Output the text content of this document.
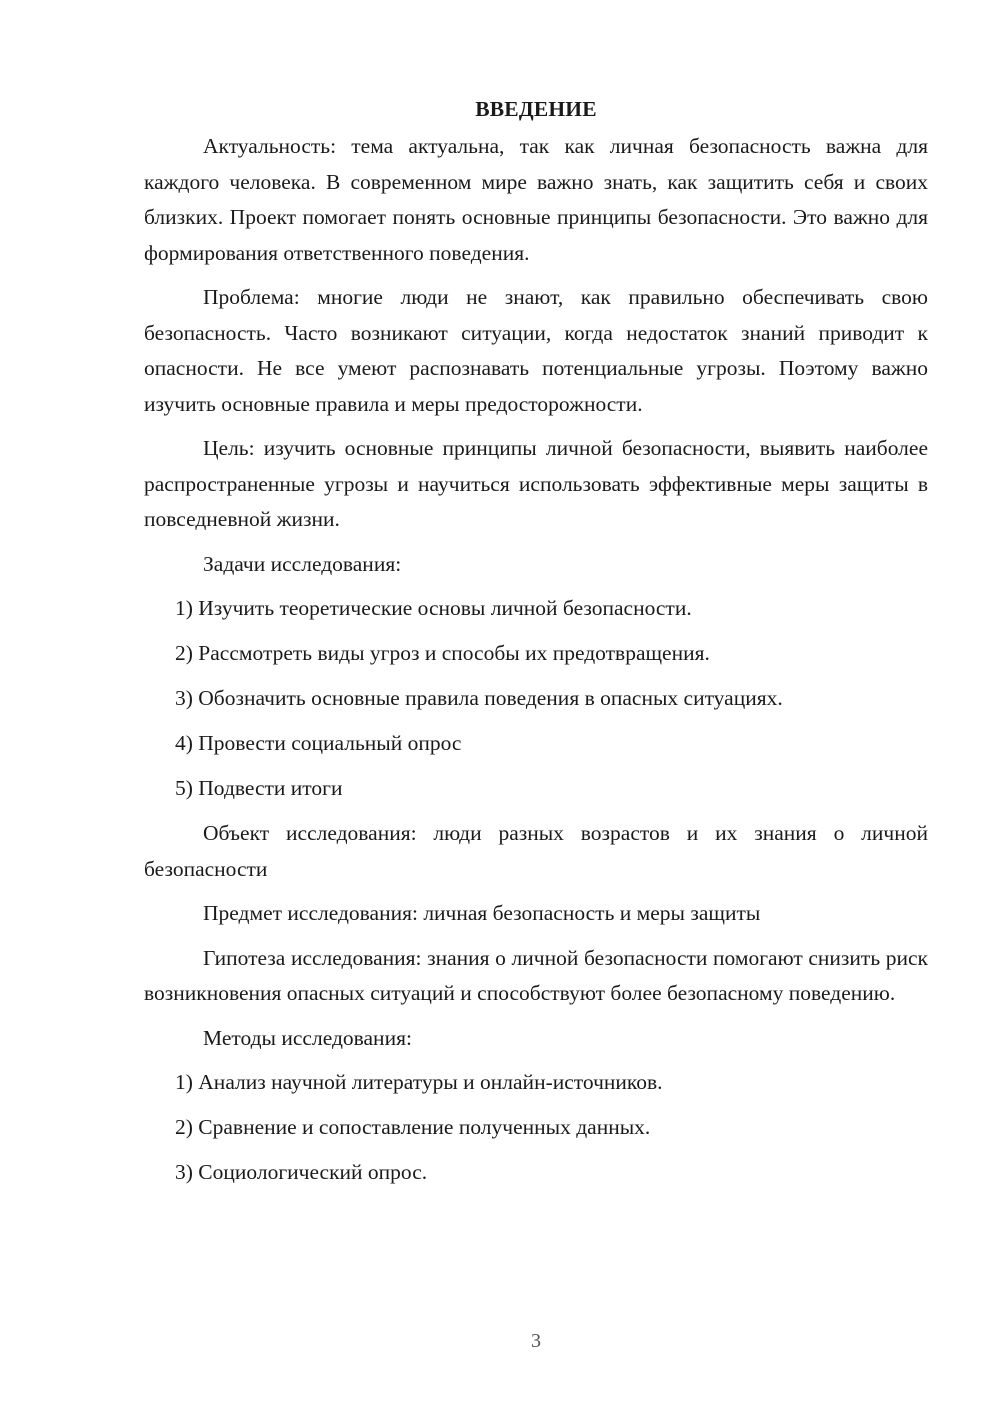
ВВЕДЕНИЕ

Актуальность: тема актуальна, так как личная безопасность важна для каждого человека. В современном мире важно знать, как защитить себя и своих близких. Проект помогает понять основные принципы безопасности. Это важно для формирования ответственного поведения.

Проблема: многие люди не знают, как правильно обеспечивать свою безопасность. Часто возникают ситуации, когда недостаток знаний приводит к опасности. Не все умеют распознавать потенциальные угрозы. Поэтому важно изучить основные правила и меры предосторожности.

Цель: изучить основные принципы личной безопасности, выявить наиболее распространенные угрозы и научиться использовать эффективные меры защиты в повседневной жизни.

Задачи исследования:

1) Изучить теоретические основы личной безопасности.
2) Рассмотреть виды угроз и способы их предотвращения.
3) Обозначить основные правила поведения в опасных ситуациях.
4) Провести социальный опрос
5) Подвести итоги

Объект исследования: люди разных возрастов и их знания о личной безопасности

Предмет исследования: личная безопасность и меры защиты

Гипотеза исследования: знания о личной безопасности помогают снизить риск возникновения опасных ситуаций и способствуют более безопасному поведению.

Методы исследования:

1) Анализ научной литературы и онлайн-источников.
2) Сравнение и сопоставление полученных данных.
3) Социологический опрос.
3
